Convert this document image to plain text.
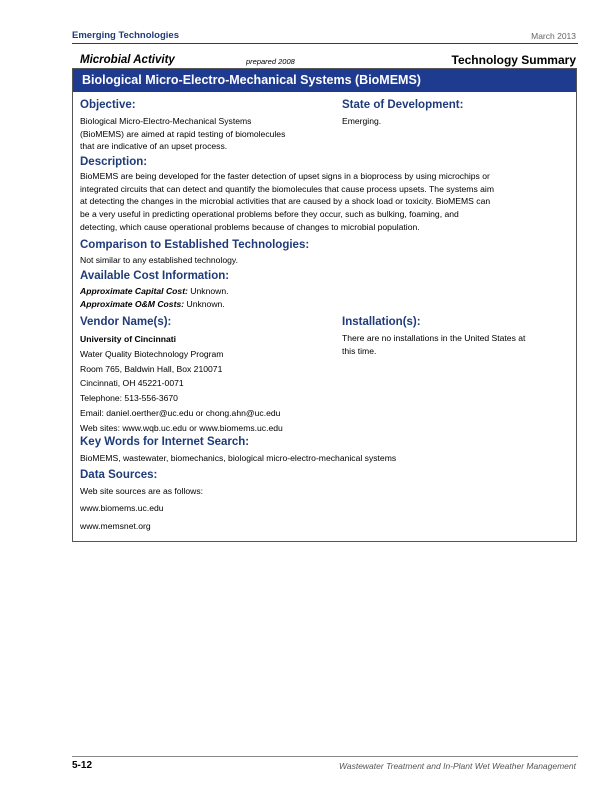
Emerging Technologies	March 2013
Microbial Activity	prepared 2008	Technology Summary
Biological Micro-Electro-Mechanical Systems (BioMEMS)
Objective:
Biological Micro-Electro-Mechanical Systems
(BioMEMS) are aimed at rapid testing of biomolecules
that are indicative of an upset process.
State of Development:
Emerging.
Description:
BioMEMS are being developed for the faster detection of upset signs in a bioprocess by using microchips or
integrated circuits that can detect and quantify the biomolecules that cause process upsets. The systems aim
at detecting the changes in the microbial activities that are caused by a shock load or toxicity. BioMEMS can
be a very useful in predicting operational problems before they occur, such as bulking, foaming, and
detecting, which cause operational problems because of changes to microbial population.
Comparison to Established Technologies:
Not similar to any established technology.
Available Cost Information:
Approximate Capital Cost: Unknown.
Approximate O&M Costs: Unknown.
Vendor Name(s):
University of Cincinnati
Water Quality Biotechnology Program
Room 765, Baldwin Hall, Box 210071
Cincinnati, OH 45221-0071
Telephone: 513-556-3670
Email: daniel.oerther@uc.edu or chong.ahn@uc.edu
Web sites: www.wqb.uc.edu or www.biomems.uc.edu
Installation(s):
There are no installations in the United States at
this time.
Key Words for Internet Search:
BioMEMS, wastewater, biomechanics, biological micro-electro-mechanical systems
Data Sources:
Web site sources are as follows:
www.biomems.uc.edu
www.memsnet.org
5-12	Wastewater Treatment and In-Plant Wet Weather Management
